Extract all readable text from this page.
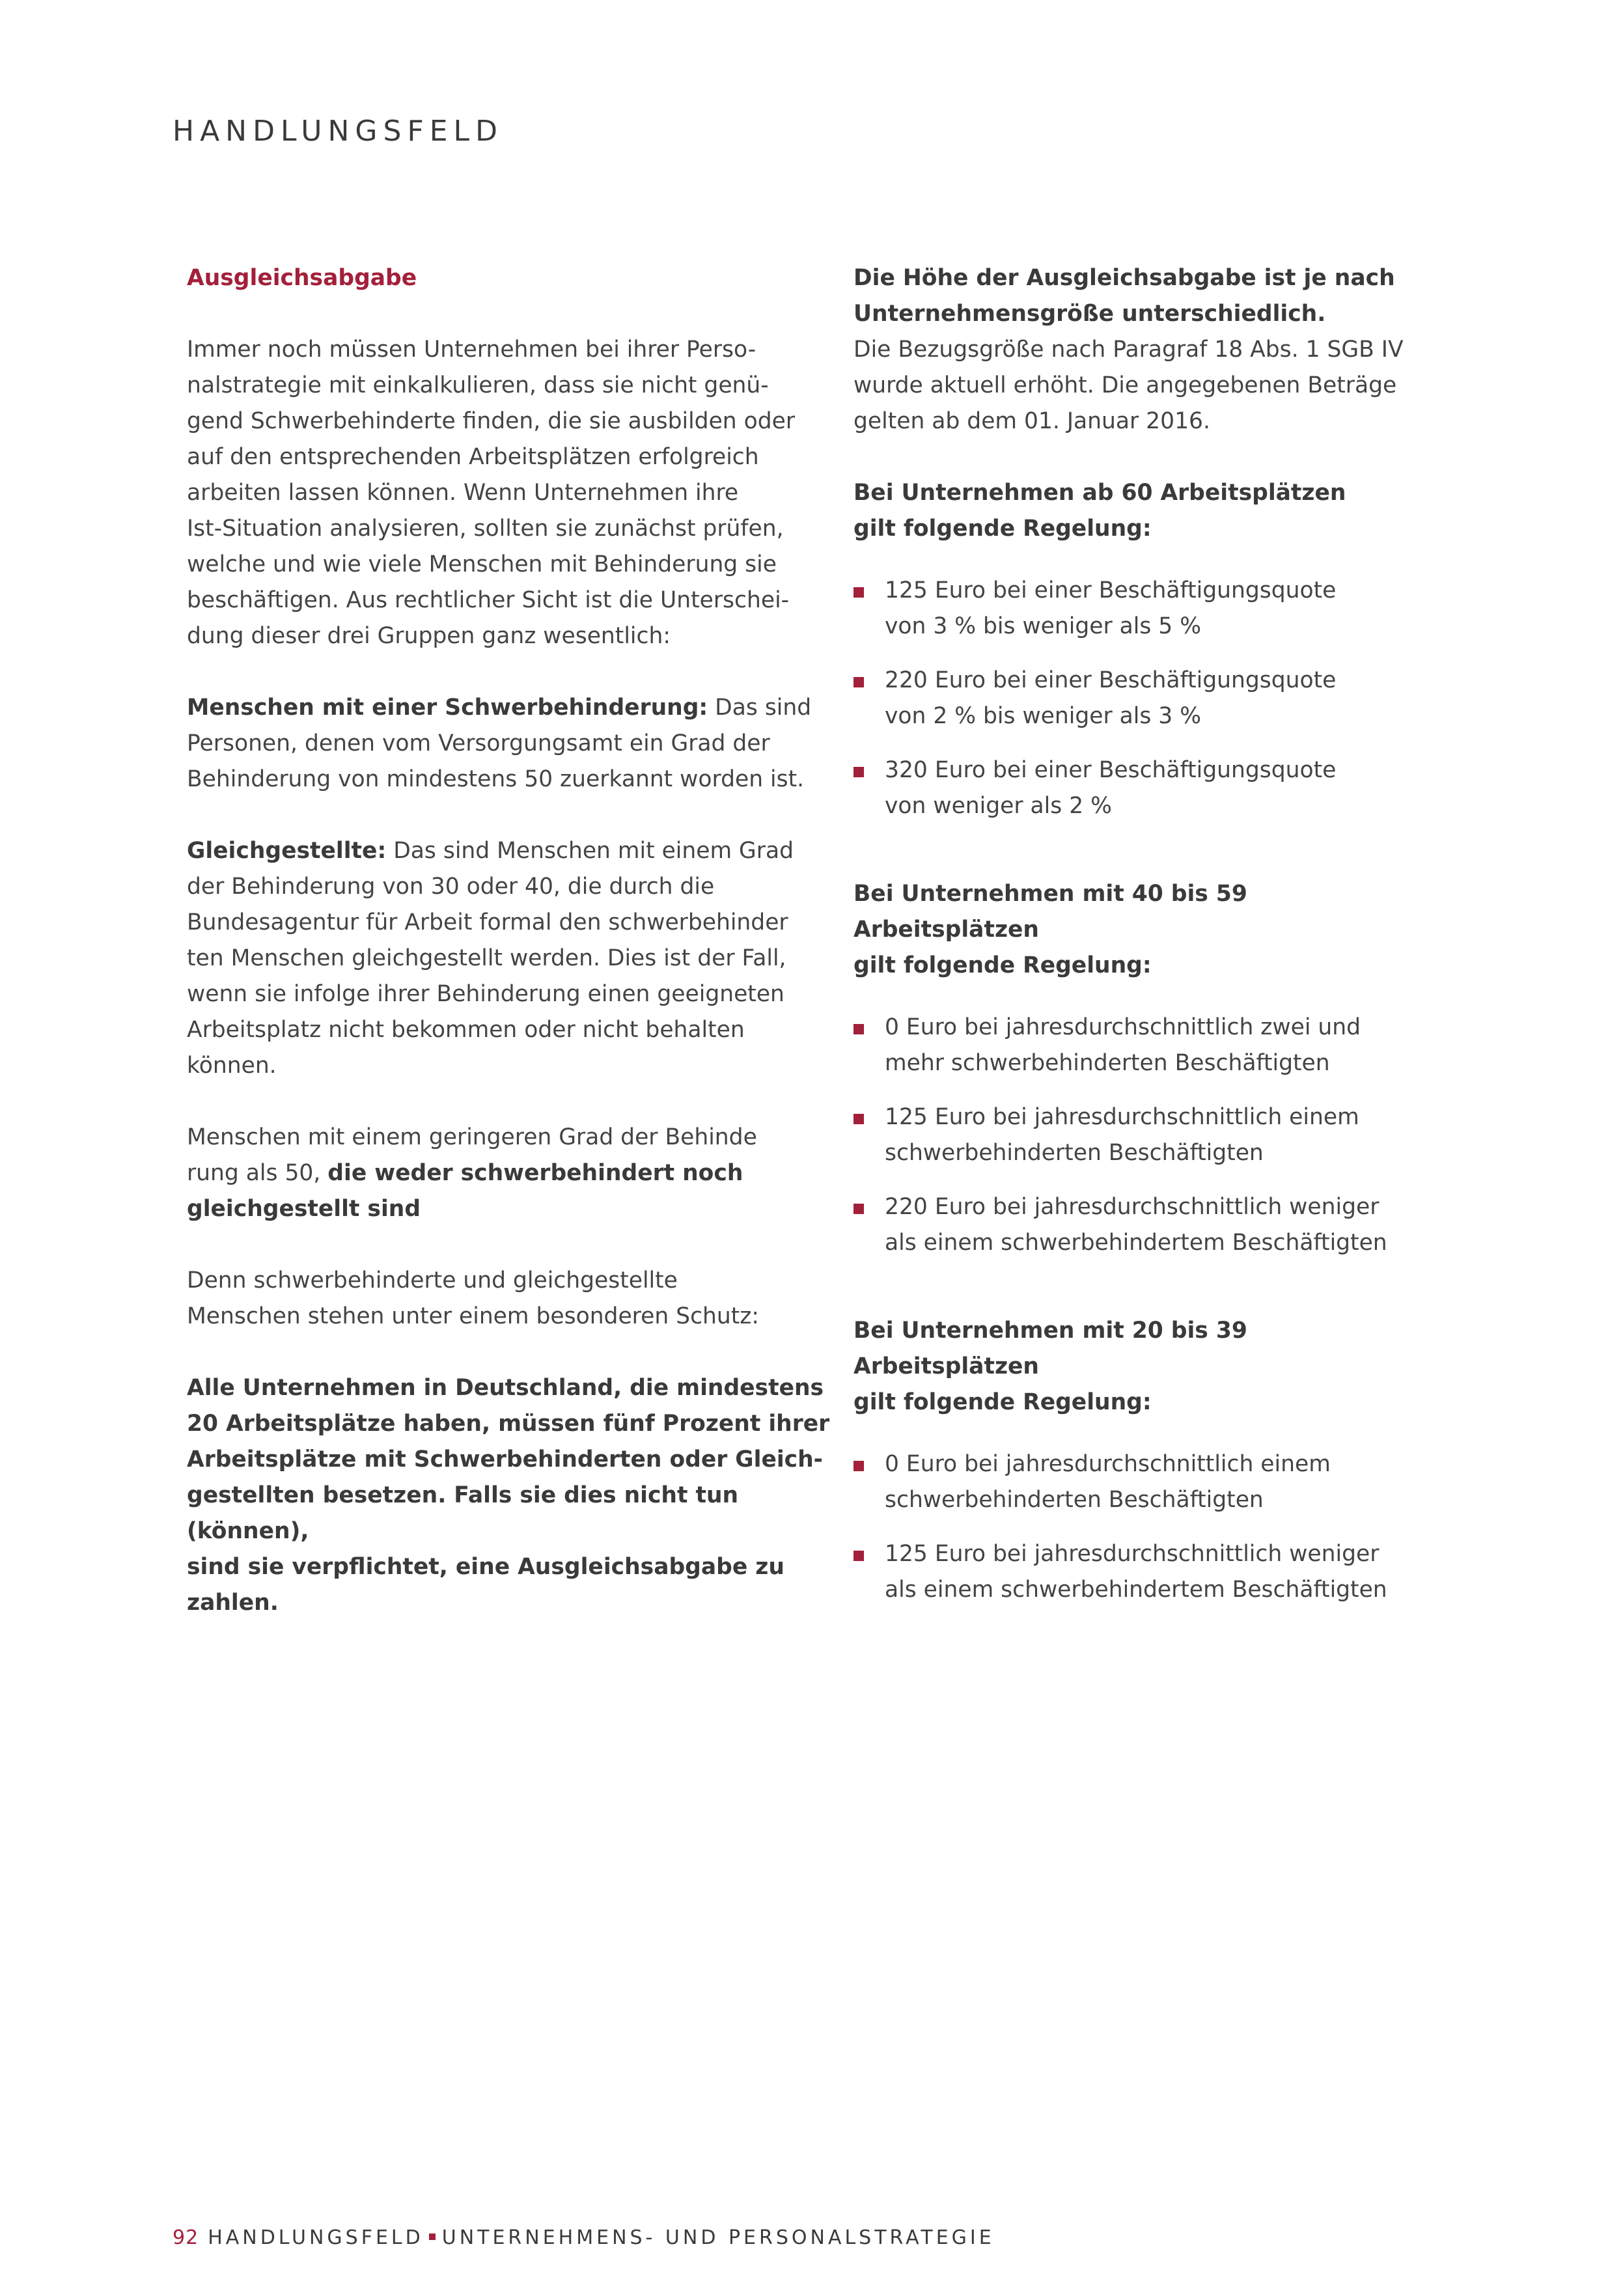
HANDLUNGSFELD

Ausgleichsabgabe

Immer noch müssen Unternehmen bei ihrer Perso-

nalstrategie mit einkalkulieren, dass sie nicht genü-

gend Schwerbehinderte finden, die sie ausbilden oder

auf den entsprechenden Arbeitsplätzen erfolgreich

arbeiten lassen können. Wenn Unternehmen ihre

Ist-Situation analysieren, sollten sie zunächst prüfen,

welche und wie viele Menschen mit Behinderung sie

beschäftigen. Aus rechtlicher Sicht ist die Unterschei-

dung dieser drei Gruppen ganz wesentlich:

Menschen mit einer Schwerbehinderung: Das sind

Personen, denen vom Versorgungsamt ein Grad der

Behinderung von mindestens 50 zuerkannt worden ist.

Gleichgestellte: Das sind Menschen mit einem Grad

der Behinderung von 30 oder 40, die durch die

Bundesagentur für Arbeit formal den schwerbehinder

ten Menschen gleichgestellt werden. Dies ist der Fall,

wenn sie infolge ihrer Behinderung einen geeigneten

Arbeitsplatz nicht bekommen oder nicht behalten

können.

Menschen mit einem geringeren Grad der Behinde

rung als 50, die weder schwerbehindert noch

gleichgestellt sind

Denn schwerbehinderte und gleichgestellte

Menschen stehen unter einem besonderen Schutz:

Alle Unternehmen in Deutschland, die mindestens

20 Arbeitsplätze haben, müssen fünf Prozent ihrer

Arbeitsplätze mit Schwerbehinderten oder Gleich-

gestellten besetzen. Falls sie dies nicht tun (können),

sind sie verpflichtet, eine Ausgleichsabgabe zu zahlen.

Die Höhe der Ausgleichsabgabe ist je nach

Unternehmensgröße unterschiedlich.

Die Bezugsgröße nach Paragraf 18 Abs. 1 SGB IV

wurde aktuell erhöht. Die angegebenen Beträge

gelten ab dem 01. Januar 2016.

Bei Unternehmen ab 60 Arbeitsplätzen

gilt folgende Regelung:

125 Euro bei einer Beschäftigungsquote

von 3 % bis weniger als 5 %

220 Euro bei einer Beschäftigungsquote

von 2 % bis weniger als 3 %

320 Euro bei einer Beschäftigungsquote

von weniger als 2 %

Bei Unternehmen mit 40 bis 59 Arbeitsplätzen

gilt folgende Regelung:

0 Euro bei jahresdurchschnittlich zwei und

mehr schwerbehinderten Beschäftigten

125 Euro bei jahresdurchschnittlich einem

schwerbehinderten Beschäftigten

220 Euro bei jahresdurchschnittlich weniger

als einem schwerbehindertem Beschäftigten

Bei Unternehmen mit 20 bis 39 Arbeitsplätzen

gilt folgende Regelung:

0 Euro bei jahresdurchschnittlich einem

schwerbehinderten Beschäftigten

125 Euro bei jahresdurchschnittlich weniger

als einem schwerbehindertem Beschäftigten

92 HANDLUNGSFELD UNTERNEHMENS- UND PERSONALSTRATEGIE
